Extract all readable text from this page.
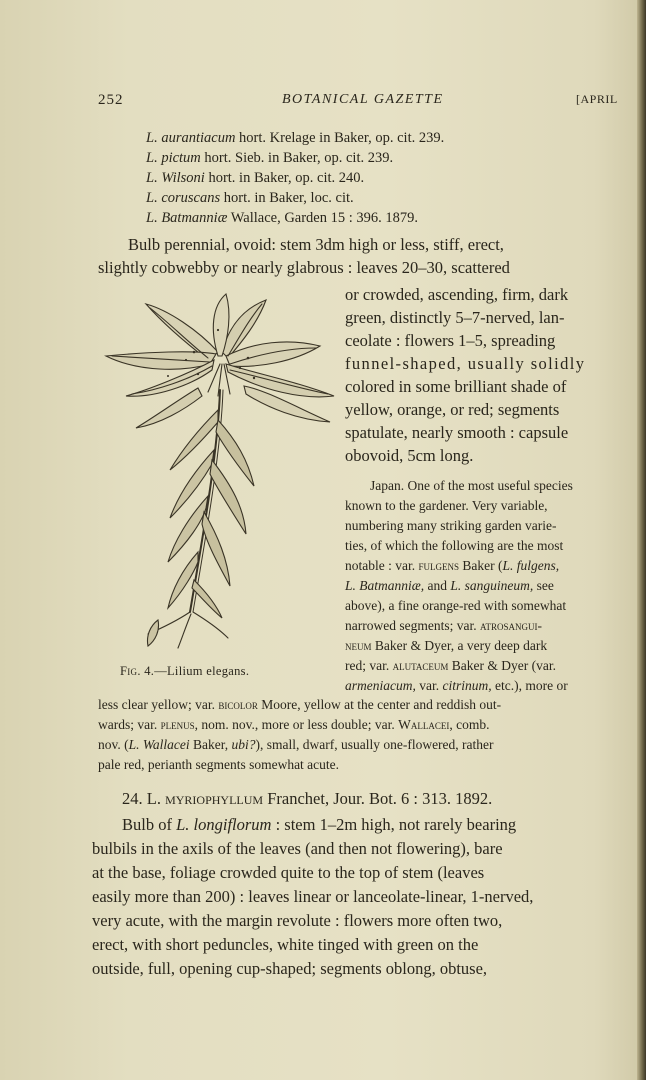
252	BOTANICAL GAZETTE	[APRIL
L. aurantiacum hort. Krelage in Baker, op. cit. 239.
L. pictum hort. Sieb. in Baker, op. cit. 239.
L. Wilsoni hort. in Baker, op. cit. 240.
L. coruscans hort. in Baker, loc. cit.
L. Batmanniæ Wallace, Garden 15 : 396. 1879.
Bulb perennial, ovoid: stem 3dm high or less, stiff, erect,
slightly cobwebby or nearly glabrous : leaves 20–30, scattered
or crowded, ascending, firm, dark
green, distinctly 5–7-nerved, lan-
ceolate : flowers 1–5, spreading
funnel-shaped, usually solidly
colored in some brilliant shade of
yellow, orange, or red; segments
spatulate, nearly smooth : capsule
obovoid, 5cm long.
Japan. One of the most useful species
known to the gardener. Very variable,
numbering many striking garden varie-
ties, of which the following are the most
notable : var. fulgens Baker (L. fulgens,
L. Batmanniæ, and L. sanguineum, see
above), a fine orange-red with somewhat
narrowed segments; var. atrosangui-
neum Baker & Dyer, a very deep dark
red; var. alutaceum Baker & Dyer (var.
armeniacum, var. citrinum, etc.), more or
less clear yellow; var. bicolor Moore, yellow at the center and reddish out-
wards; var. plenus, nom. nov., more or less double; var. Wallacei, comb.
nov. (L. Wallacei Baker, ubi?), small, dwarf, usually one-flowered, rather
pale red, perianth segments somewhat acute.
Fig. 4.—Lilium elegans.
24. L. myriophyllum Franchet, Jour. Bot. 6 : 313. 1892.
Bulb of L. longiflorum : stem 1–2m high, not rarely bearing
bulbils in the axils of the leaves (and then not flowering), bare
at the base, foliage crowded quite to the top of stem (leaves
easily more than 200) : leaves linear or lanceolate-linear, 1-nerved,
very acute, with the margin revolute : flowers more often two,
erect, with short peduncles, white tinged with green on the
outside, full, opening cup-shaped; segments oblong, obtuse,
